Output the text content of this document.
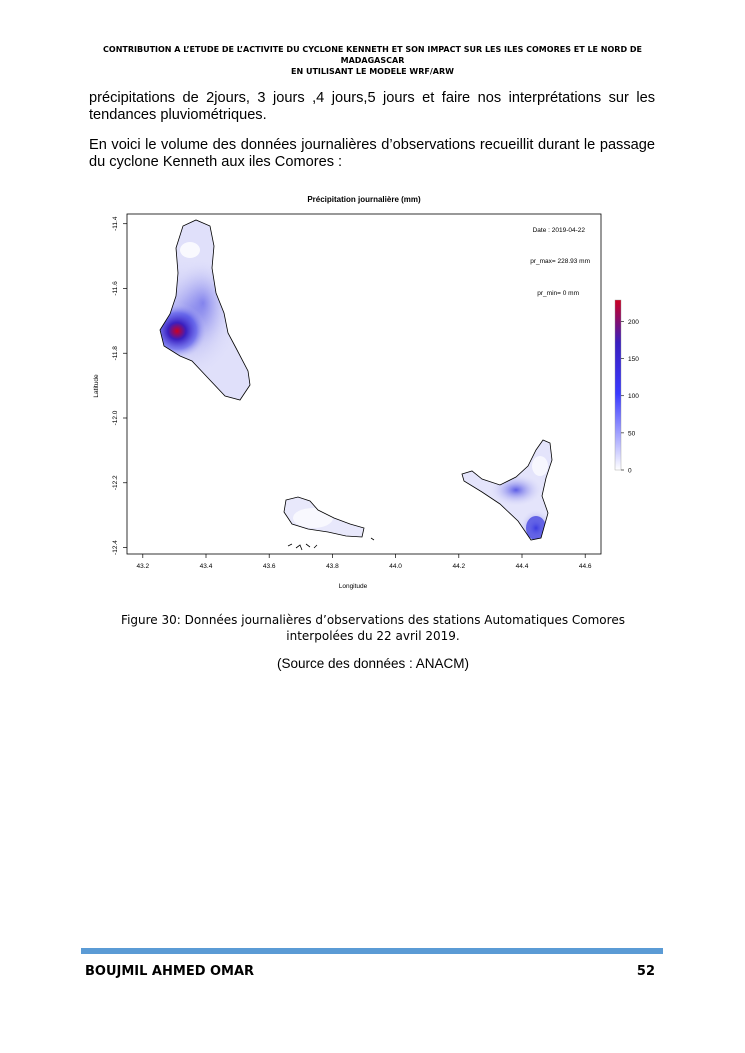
CONTRIBUTION A L’ETUDE DE L’ACTIVITE DU CYCLONE KENNETH ET SON IMPACT SUR LES ILES COMORES ET LE NORD DE MADAGASCAR
EN UTILISANT LE MODELE WRF/ARW
précipitations de 2jours, 3 jours ,4 jours,5 jours et faire nos interprétations sur les tendances pluviométriques.
En voici le volume des données journalières d’observations recueillit durant le passage du cyclone Kenneth aux iles Comores :
Précipitation journalière (mm)
Date : 2019-04-22
pr_max= 228.93 mm
pr_min= 0 mm
Longitude
Latitude
43.2	43.4	43.6	43.8	44.0	44.2	44.4	44.6
-11.4
-11.6
-11.8
-12.0
-12.2
-12.4
0
50
100
150
200
Figure 30: Données journalières d’observations des stations Automatiques Comores interpolées du 22 avril 2019.
(Source des données : ANACM)
BOUJMIL AHMED OMAR	52
